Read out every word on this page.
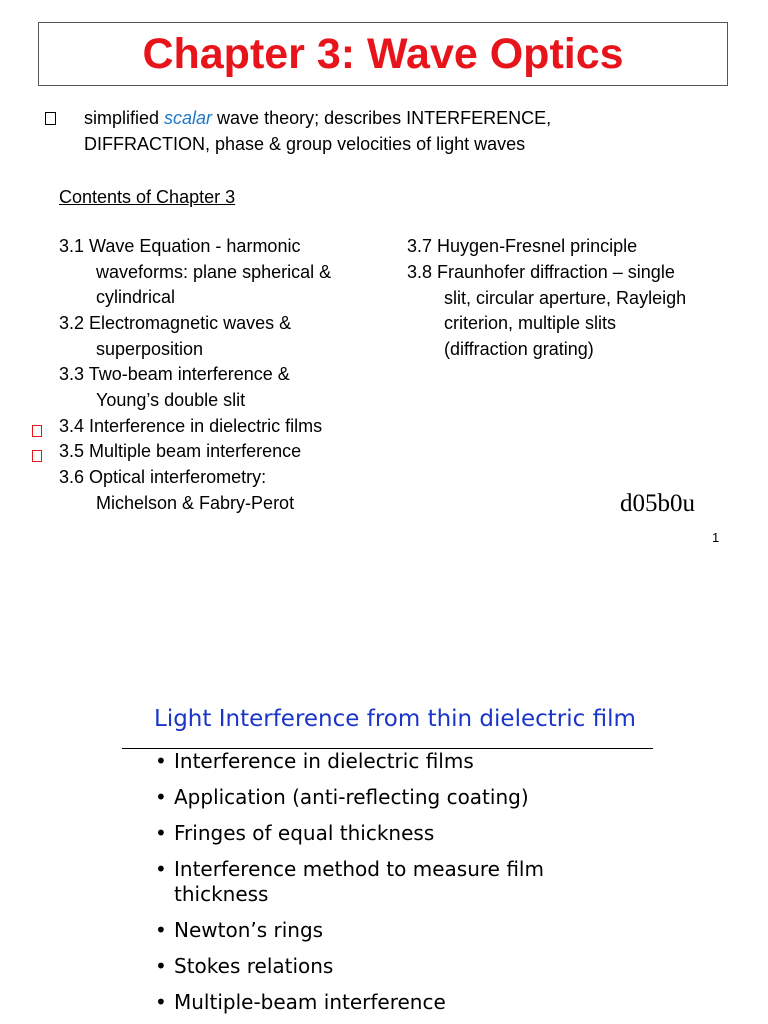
Chapter 3: Wave Optics
simplified scalar wave theory; describes INTERFERENCE,
DIFFRACTION, phase & group velocities of light waves
Contents of Chapter 3
3.1 Wave Equation - harmonic
waveforms: plane spherical &
cylindrical
3.2 Electromagnetic waves &
superposition
3.3 Two-beam interference &
Young’s double slit
3.4 Interference in dielectric films
3.5 Multiple beam interference
3.6 Optical interferometry:
Michelson & Fabry-Perot
3.7 Huygen-Fresnel principle
3.8 Fraunhofer diffraction – single
slit, circular aperture, Rayleigh
criterion, multiple slits
(diffraction grating)
d05b0u
1
Light Interference from thin dielectric film
• Interference in dielectric films
• Application (anti-reflecting coating)
• Fringes of equal thickness
• Interference method to measure film
thickness
• Newton’s rings
• Stokes relations
• Multiple-beam interference
